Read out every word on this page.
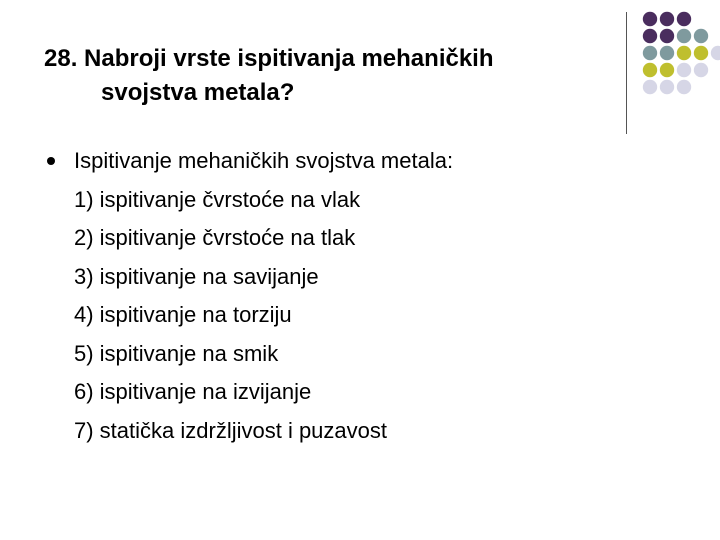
28. Nabroji vrste ispitivanja mehaničkih
svojstva metala?
Ispitivanje mehaničkih svojstva metala:
1) ispitivanje čvrstoće na vlak
2) ispitivanje čvrstoće na tlak
3) ispitivanje na savijanje
4) ispitivanje na torziju
5) ispitivanje na smik
6) ispitivanje na izvijanje
7) statička izdržljivost i puzavost
